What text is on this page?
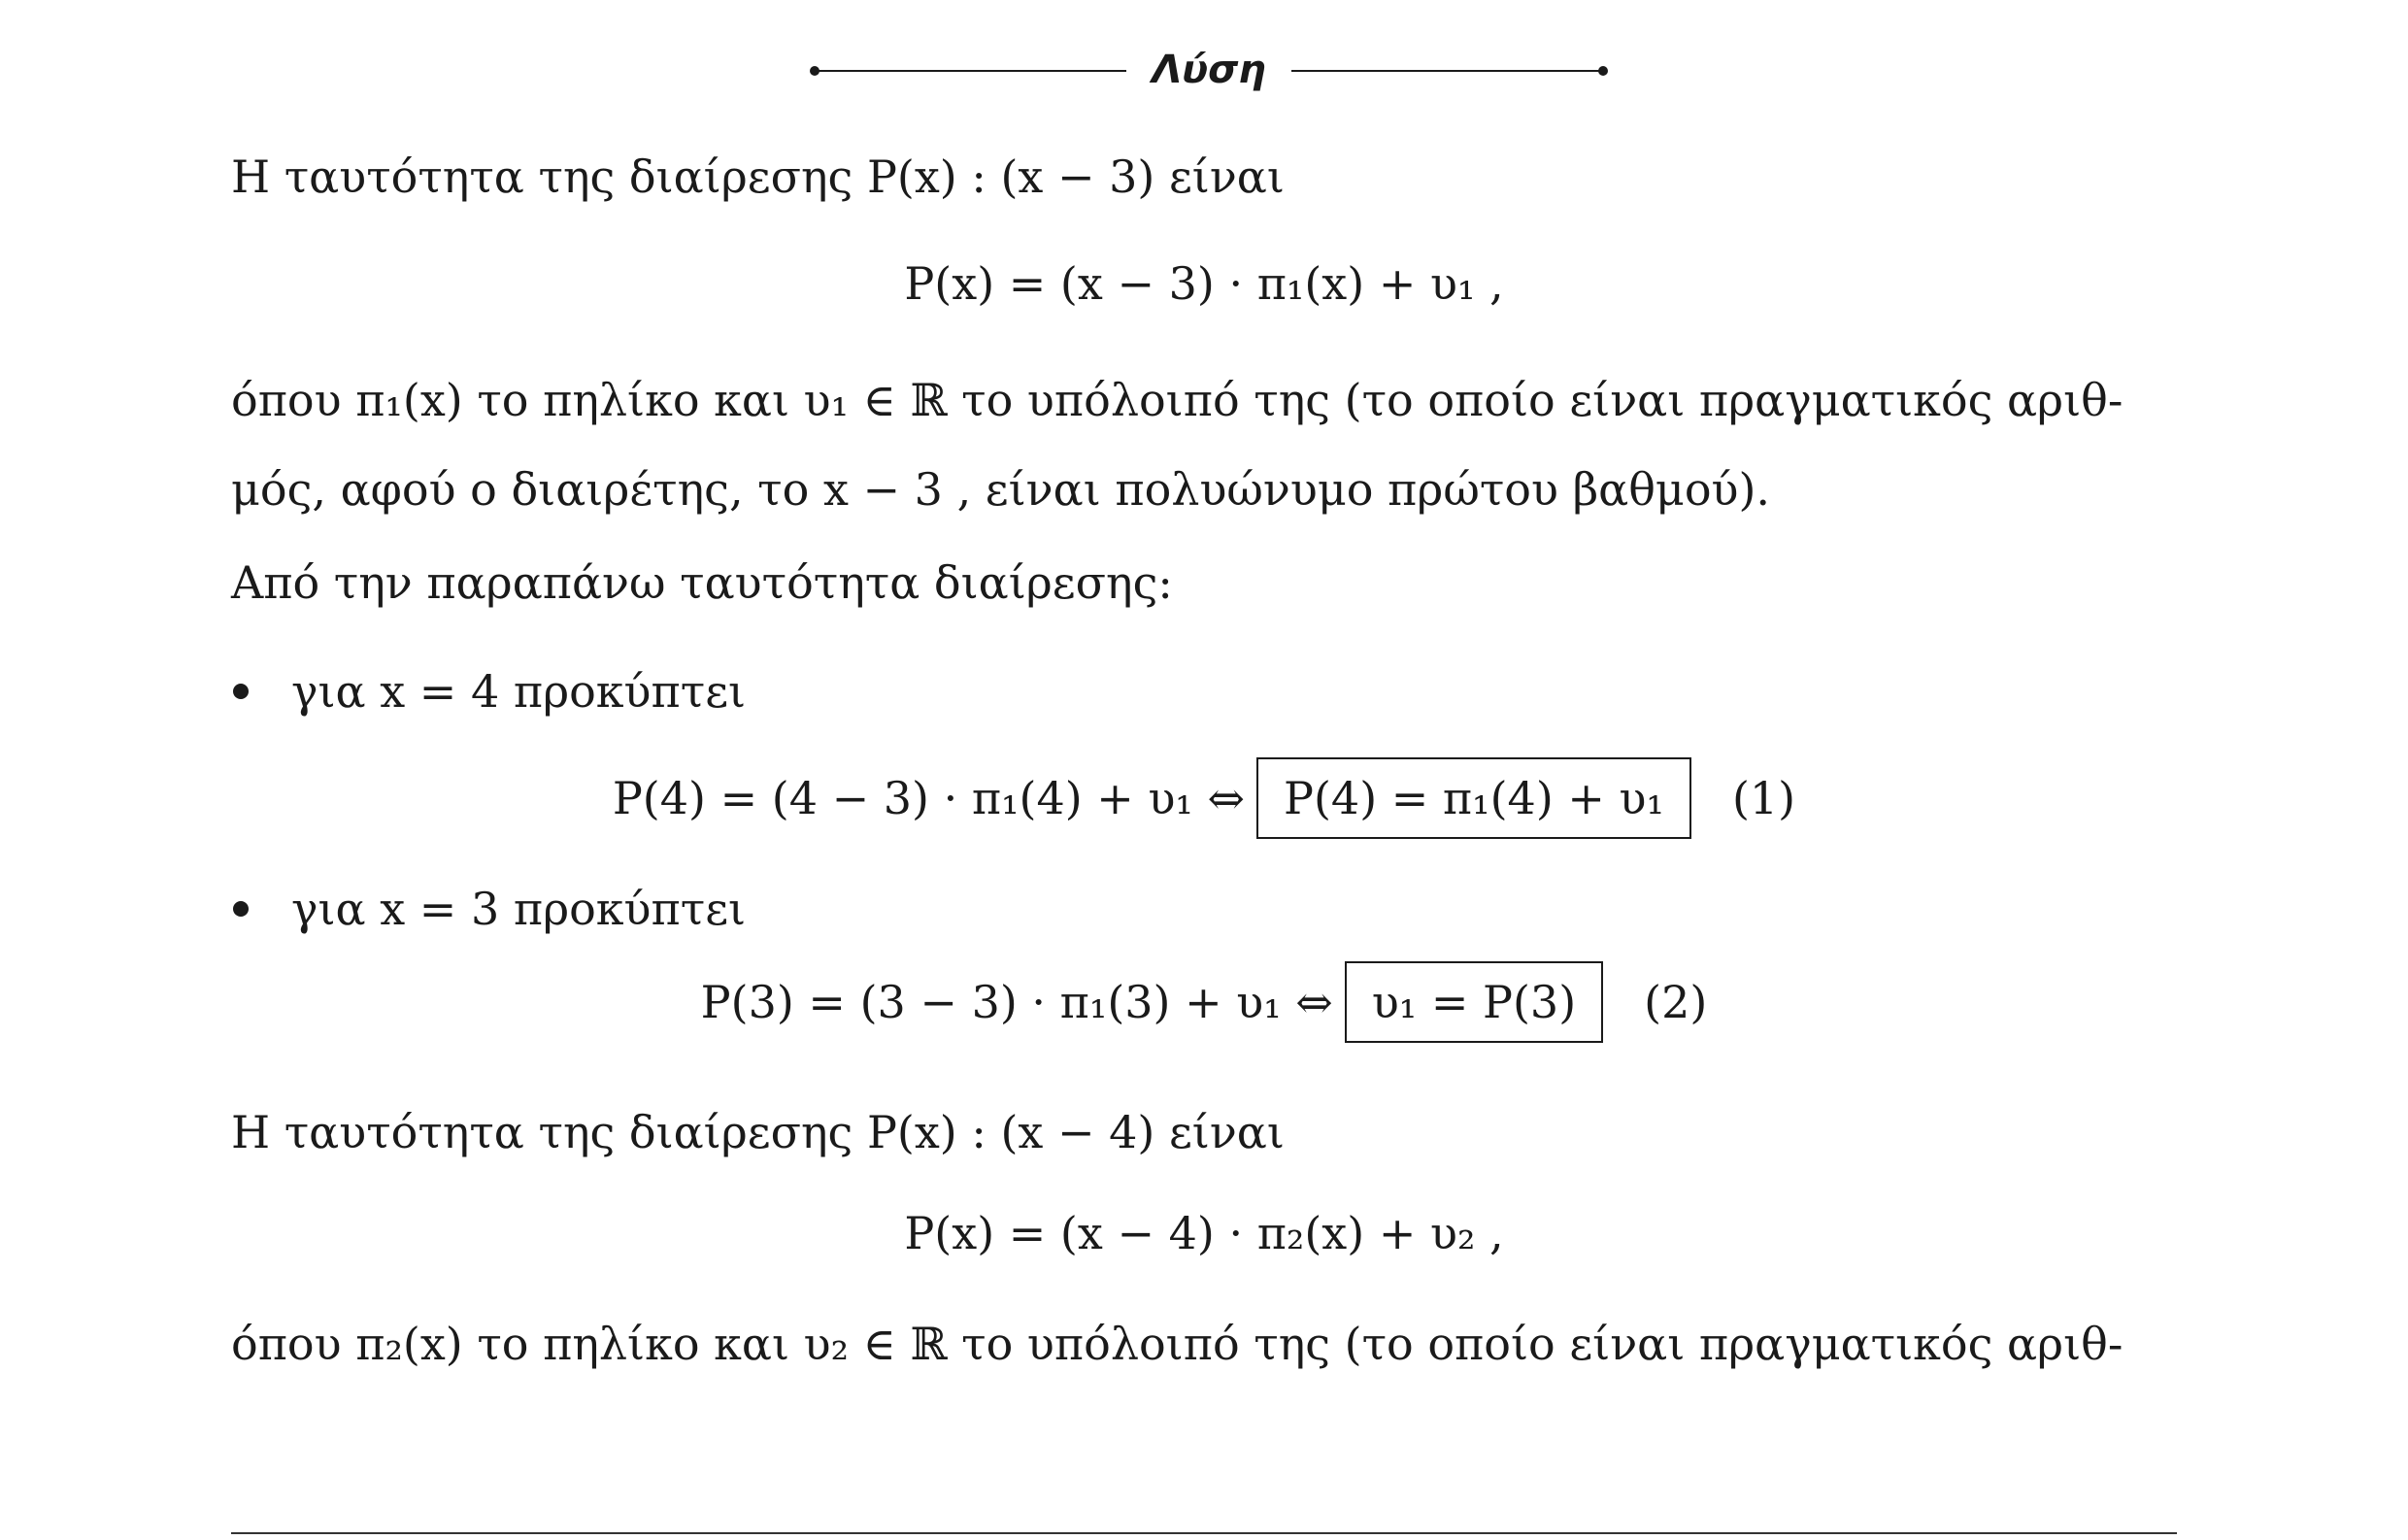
Λύση
Η ταυτότητα της διαίρεσης P(x) : (x − 3) είναι
P(x) = (x − 3) · π₁(x) + υ₁ ,
όπου π₁(x) το πηλίκο και υ₁ ∈ ℝ το υπόλοιπό της (το οποίο είναι πραγματικός αριθ-
μός, αφού ο διαιρέτης, το x − 3 , είναι πολυώνυμο πρώτου βαθμού).
Από την παραπάνω ταυτότητα διαίρεσης:
για x = 4 προκύπτει
P(4) = (4 − 3) · π₁(4) + υ₁ ⇔ P(4) = π₁(4) + υ₁ (1)
για x = 3 προκύπτει
P(3) = (3 − 3) · π₁(3) + υ₁ ⇔ υ₁ = P(3) (2)
Η ταυτότητα της διαίρεσης P(x) : (x − 4) είναι
P(x) = (x − 4) · π₂(x) + υ₂ ,
όπου π₂(x) το πηλίκο και υ₂ ∈ ℝ το υπόλοιπό της (το οποίο είναι πραγματικός αριθ-
